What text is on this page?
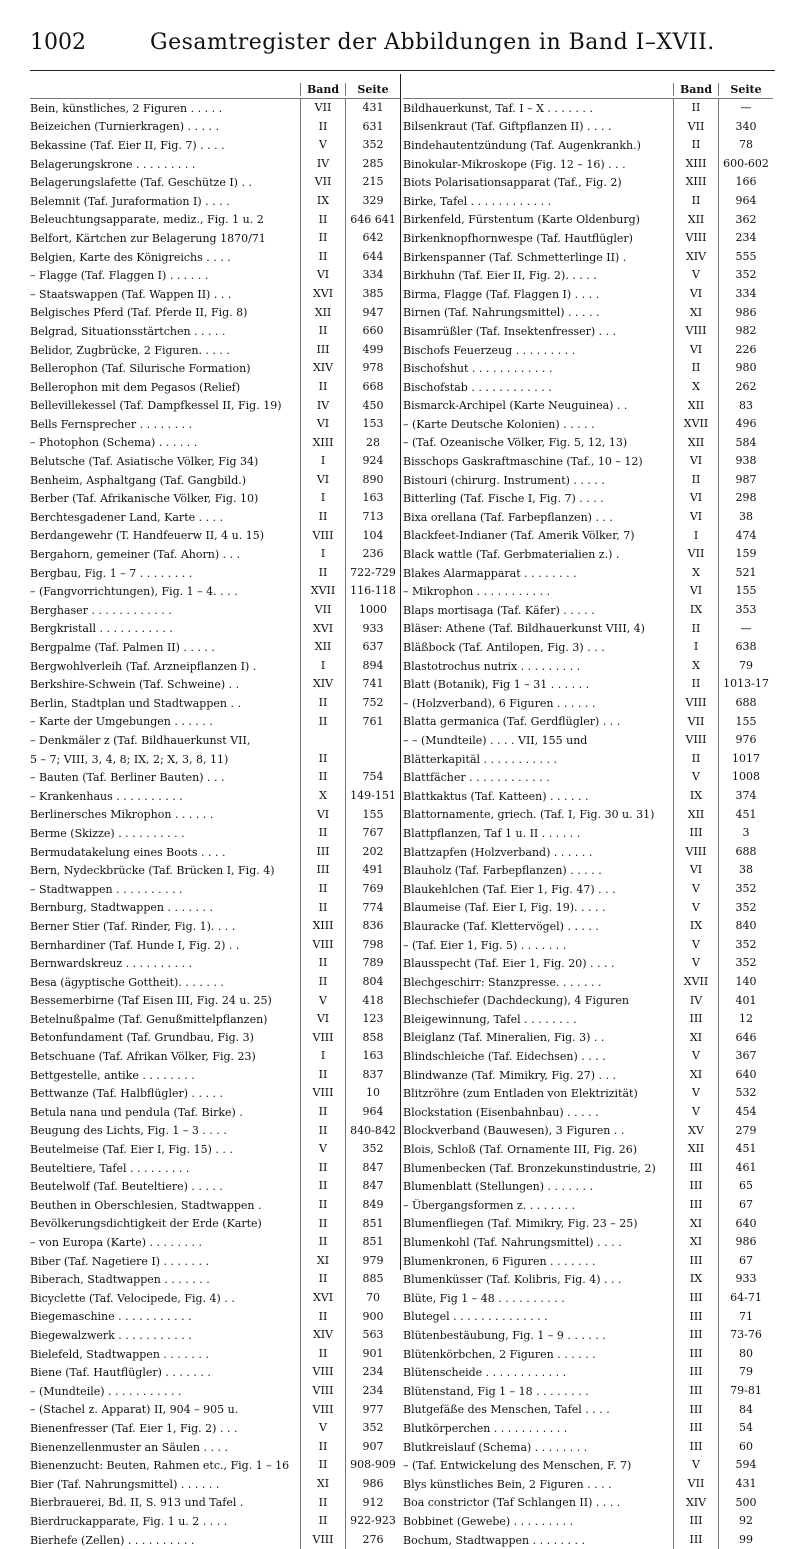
1002	Gesamtregister der Abbildungen in Band I–XVII.
Band	Seite
Bein, künstliches, 2 Figuren . . . . .	VII	431
Beizeichen (Turnierkragen) . . . . .	II	631
Bekassine (Taf. Eier II, Fig. 7) . . . .	V	352
Belagerungskrone . . . . . . . . .	IV	285
Belagerungslafette (Taf. Geschütze I) . .	VII	215
Belemnit (Taf. Juraformation I) . . . .	IX	329
Beleuchtungsapparate, mediz., Fig. 1 u. 2	II	646 641
Belfort, Kärtchen zur Belagerung 1870/71	II	642
Belgien, Karte des Königreichs . . . .	II	644
– Flagge (Taf. Flaggen I) . . . . . .	VI	334
– Staatswappen (Taf. Wappen II) . . .	XVI	385
Belgisches Pferd (Taf. Pferde II, Fig. 8)	XII	947
Belgrad, Situationsstärtchen . . . . .	II	660
Belidor, Zugbrücke, 2 Figuren. . . . .	III	499
Bellerophon (Taf. Silurische Formation)	XIV	978
Bellerophon mit dem Pegasos (Relief)	II	668
Bellevillekessel (Taf. Dampfkessel II, Fig. 19)	IV	450
Bells Fernsprecher . . . . . . . .	VI	153
– Photophon (Schema) . . . . . .	XIII	28
Belutsche (Taf. Asiatische Völker, Fig 34)	I	924
Benheim, Asphaltgang (Taf. Gangbild.)	VI	890
Berber (Taf. Afrikanische Völker, Fig. 10)	I	163
Berchtesgadener Land, Karte . . . .	II	713
Berdangewehr (T. Handfeuerw II, 4 u. 15)	VIII	104
Bergahorn, gemeiner (Taf. Ahorn) . . .	I	236
Bergbau, Fig. 1 – 7 . . . . . . . .	II	722-729
– (Fangvorrichtungen), Fig. 1 – 4. . . .	XVII	116-118
Berghaser . . . . . . . . . . . .	VII	1000
Bergkristall . . . . . . . . . . .	XVI	933
Bergpalme (Taf. Palmen II) . . . . .	XII	637
Bergwohlverleih (Taf. Arzneipflanzen I) .	I	894
Berkshire-Schwein (Taf. Schweine) . .	XIV	741
Berlin, Stadtplan und Stadtwappen . .	II	752
– Karte der Umgebungen . . . . . .	II	761
– Denkmäler z (Taf. Bildhauerkunst VII,
5 – 7; VIII, 3, 4, 8; IX, 2; X, 3, 8, 11)	II
– Bauten (Taf. Berliner Bauten) . . .	II	754
– Krankenhaus . . . . . . . . . .	X	149-151
Berlinersches Mikrophon . . . . . .	VI	155
Berme (Skizze) . . . . . . . . . .	II	767
Bermudatakelung eines Boots . . . .	III	202
Bern, Nydeckbrücke (Taf. Brücken I, Fig. 4)	III	491
– Stadtwappen . . . . . . . . . .	II	769
Bernburg, Stadtwappen . . . . . . .	II	774
Berner Stier (Taf. Rinder, Fig. 1). . . .	XIII	836
Bernhardiner (Taf. Hunde I, Fig. 2) . .	VIII	798
Bernwardskreuz . . . . . . . . . .	II	789
Besa (ägyptische Gottheit). . . . . . .	II	804
Bessemerbirne (Taf Eisen III, Fig. 24 u. 25)	V	418
Betelnußpalme (Taf. Genußmittelpflanzen)	VI	123
Betonfundament (Taf. Grundbau, Fig. 3)	VIII	858
Betschuane (Taf. Afrikan Völker, Fig. 23)	I	163
Bettgestelle, antike . . . . . . . .	II	837
Bettwanze (Taf. Halbflügler) . . . . .	VIII	10
Betula nana und pendula (Taf. Birke) .	II	964
Beugung des Lichts, Fig. 1 – 3 . . . .	II	840-842
Beutelmeise (Taf. Eier I, Fig. 15) . . .	V	352
Beuteltiere, Tafel . . . . . . . . .	II	847
Beutelwolf (Taf. Beuteltiere) . . . . .	II	847
Beuthen in Oberschlesien, Stadtwappen .	II	849
Bevölkerungsdichtigkeit der Erde (Karte)	II	851
– von Europa (Karte) . . . . . . . .	II	851
Biber (Taf. Nagetiere I) . . . . . . .	XI	979
Biberach, Stadtwappen . . . . . . .	II	885
Bicyclette (Taf. Velocipede, Fig. 4) . .	XVI	70
Biegemaschine . . . . . . . . . . .	II	900
Biegewalzwerk . . . . . . . . . . .	XIV	563
Bielefeld, Stadtwappen . . . . . . .	II	901
Biene (Taf. Hautflügler) . . . . . . .	VIII	234
– (Mundteile) . . . . . . . . . . .	VIII	234
– (Stachel z. Apparat) II, 904 – 905 u.	VIII	977
Bienenfresser (Taf. Eier 1, Fig. 2) . . .	V	352
Bienenzellenmuster an Säulen . . . .	II	907
Bienenzucht: Beuten, Rahmen etc., Fig. 1 – 16	II	908-909
Bier (Taf. Nahrungsmittel) . . . . . .	XI	986
Bierbrauerei, Bd. II, S. 913 und Tafel .	II	912
Bierdruckapparate, Fig. 1 u. 2 . . . .	II	922-923
Bierhefe (Zellen) . . . . . . . . . .	VIII	276
Band	Seite
Bildhauerkunst, Taf. I – X . . . . . . .	II	—
Bilsenkraut (Taf. Giftpflanzen II) . . . .	VII	340
Bindehautentzündung (Taf. Augenkrankh.)	II	78
Binokular-Mikroskope (Fig. 12 – 16) . . .	XIII	600-602
Biots Polarisationsapparat (Taf., Fig. 2)	XIII	166
Birke, Tafel . . . . . . . . . . . .	II	964
Birkenfeld, Fürstentum (Karte Oldenburg)	XII	362
Birkenknopfhornwespe (Taf. Hautflügler)	VIII	234
Birkenspanner (Taf. Schmetterlinge II) .	XIV	555
Birkhuhn (Taf. Eier II, Fig. 2). . . . .	V	352
Birma, Flagge (Taf. Flaggen I) . . . .	VI	334
Birnen (Taf. Nahrungsmittel) . . . . .	XI	986
Bisamrüßler (Taf. Insektenfresser) . . .	VIII	982
Bischofs Feuerzeug . . . . . . . . .	VI	226
Bischofshut . . . . . . . . . . . .	II	980
Bischofstab . . . . . . . . . . . .	X	262
Bismarck-Archipel (Karte Neuguinea) . .	XII	83
– (Karte Deutsche Kolonien) . . . . .	XVII	496
– (Taf. Ozeanische Völker, Fig. 5, 12, 13)	XII	584
Bisschops Gaskraftmaschine (Taf., 10 – 12)	VI	938
Bistouri (chirurg. Instrument) . . . . .	II	987
Bitterling (Taf. Fische I, Fig. 7) . . . .	VI	298
Bixa orellana (Taf. Farbepflanzen) . . .	VI	38
Blackfeet-Indianer (Taf. Amerik Völker, 7)	I	474
Black wattle (Taf. Gerbmaterialien z.) .	VII	159
Blakes Alarmapparat . . . . . . . .	X	521
– Mikrophon . . . . . . . . . . .	VI	155
Blaps mortisaga (Taf. Käfer) . . . . .	IX	353
Bläser: Athene (Taf. Bildhauerkunst VIII, 4)	II	—
Bläßbock (Taf. Antilopen, Fig. 3) . . .	I	638
Blastotrochus nutrix . . . . . . . . .	X	79
Blatt (Botanik), Fig 1 – 31 . . . . . .	II	1013-17
– (Holzverband), 6 Figuren . . . . . .	VIII	688
Blatta germanica (Taf. Gerdflügler) . . .	VII	155
– – (Mundteile) . . . . VII, 155 und	VIII	976
Blätterkapitäl . . . . . . . . . . .	II	1017
Blattfächer . . . . . . . . . . . .	V	1008
Blattkaktus (Taf. Katteen) . . . . . .	IX	374
Blattornamente, griech. (Taf. I, Fig. 30 u. 31)	XII	451
Blattpflanzen, Taf 1 u. II . . . . . .	III	3
Blattzapfen (Holzverband) . . . . . .	VIII	688
Blauholz (Taf. Farbepflanzen) . . . . .	VI	38
Blaukehlchen (Taf. Eier 1, Fig. 47) . . .	V	352
Blaumeise (Taf. Eier I, Fig. 19). . . . .	V	352
Blauracke (Taf. Klettervögel) . . . . .	IX	840
– (Taf. Eier 1, Fig. 5) . . . . . . .	V	352
Blausspecht (Taf. Eier 1, Fig. 20) . . . .	V	352
Blechgeschirr: Stanzpresse. . . . . . .	XVII	140
Blechschiefer (Dachdeckung), 4 Figuren	IV	401
Bleigewinnung, Tafel . . . . . . . .	III	12
Bleiglanz (Taf. Mineralien, Fig. 3) . .	XI	646
Blindschleiche (Taf. Eidechsen) . . . .	V	367
Blindwanze (Taf. Mimikry, Fig. 27) . . .	XI	640
Blitzröhre (zum Entladen von Elektrizität)	V	532
Blockstation (Eisenbahnbau) . . . . .	V	454
Blockverband (Bauwesen), 3 Figuren . .	XV	279
Blois, Schloß (Taf. Ornamente III, Fig. 26)	XII	451
Blumenbecken (Taf. Bronzekunstindustrie, 2)	III	461
Blumenblatt (Stellungen) . . . . . . .	III	65
– Übergangsformen z. . . . . . . .	III	67
Blumenfliegen (Taf. Mimikry, Fig. 23 – 25)	XI	640
Blumenkohl (Taf. Nahrungsmittel) . . . .	XI	986
Blumenkronen, 6 Figuren . . . . . . .	III	67
Blumenküsser (Taf. Kolibris, Fig. 4) . . .	IX	933
Blüte, Fig 1 – 48 . . . . . . . . . .	III	64-71
Blutegel . . . . . . . . . . . . . .	III	71
Blütenbestäubung, Fig. 1 – 9 . . . . . .	III	73-76
Blütenkörbchen, 2 Figuren . . . . . .	III	80
Blütenscheide . . . . . . . . . . . .	III	79
Blütenstand, Fig 1 – 18 . . . . . . . .	III	79-81
Blutgefäße des Menschen, Tafel . . . .	III	84
Blutkörperchen . . . . . . . . . . .	III	54
Blutkreislauf (Schema) . . . . . . . .	III	60
– (Taf. Entwickelung des Menschen, F. 7)	V	594
Blys künstliches Bein, 2 Figuren . . . .	VII	431
Boa constrictor (Taf Schlangen II) . . . .	XIV	500
Bobbinet (Gewebe) . . . . . . . . .	III	92
Bochum, Stadtwappen . . . . . . . .	III	99
